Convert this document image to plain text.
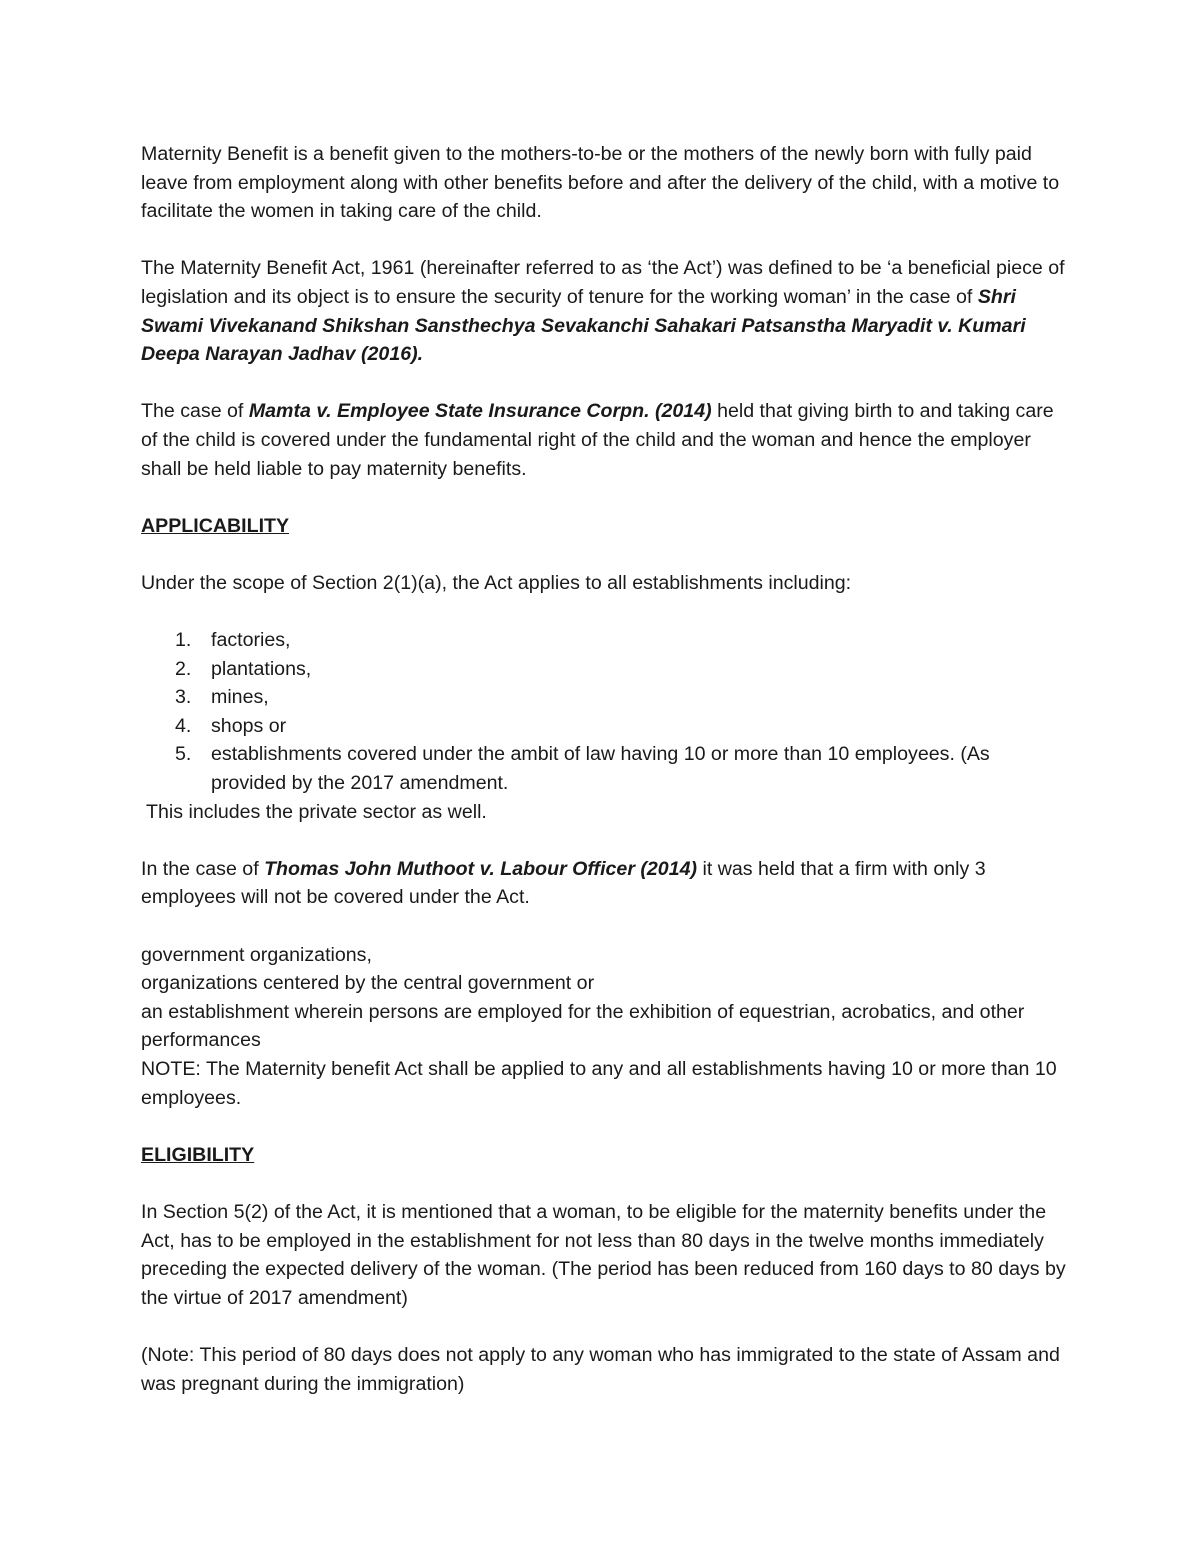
Maternity Benefit is a benefit given to the mothers-to-be or the mothers of the newly born with fully paid leave from employment along with other benefits before and after the delivery of the child, with a motive to facilitate the women in taking care of the child.

The Maternity Benefit Act, 1961 (hereinafter referred to as ‘the Act’) was defined to be ‘a beneficial piece of legislation and its object is to ensure the security of tenure for the working woman’ in the case of Shri Swami Vivekanand Shikshan Sansthechya Sevakanchi Sahakari Patsanstha Maryadit v. Kumari Deepa Narayan Jadhav (2016).

The case of Mamta v. Employee State Insurance Corpn. (2014) held that giving birth to and taking care of the child is covered under the fundamental right of the child and the woman and hence the employer shall be held liable to pay maternity benefits.

APPLICABILITY

Under the scope of Section 2(1)(a), the Act applies to all establishments including:

1. factories,
2. plantations,
3. mines,
4. shops or
5. establishments covered under the ambit of law having 10 or more than 10 employees. (As provided by the 2017 amendment.

This includes the private sector as well.

In the case of Thomas John Muthoot v. Labour Officer (2014) it was held that a firm with only 3 employees will not be covered under the Act.

government organizations,

organizations centered by the central government or

an establishment wherein persons are employed for the exhibition of equestrian, acrobatics, and other performances

NOTE: The Maternity benefit Act shall be applied to any and all establishments having 10 or more than 10 employees.

ELIGIBILITY

In Section 5(2) of the Act, it is mentioned that a woman, to be eligible for the maternity benefits under the Act, has to be employed in the establishment for not less than 80 days in the twelve months immediately preceding the expected delivery of the woman. (The period has been reduced from 160 days to 80 days by the virtue of 2017 amendment)

(Note: This period of 80 days does not apply to any woman who has immigrated to the state of Assam and was pregnant during the immigration)
